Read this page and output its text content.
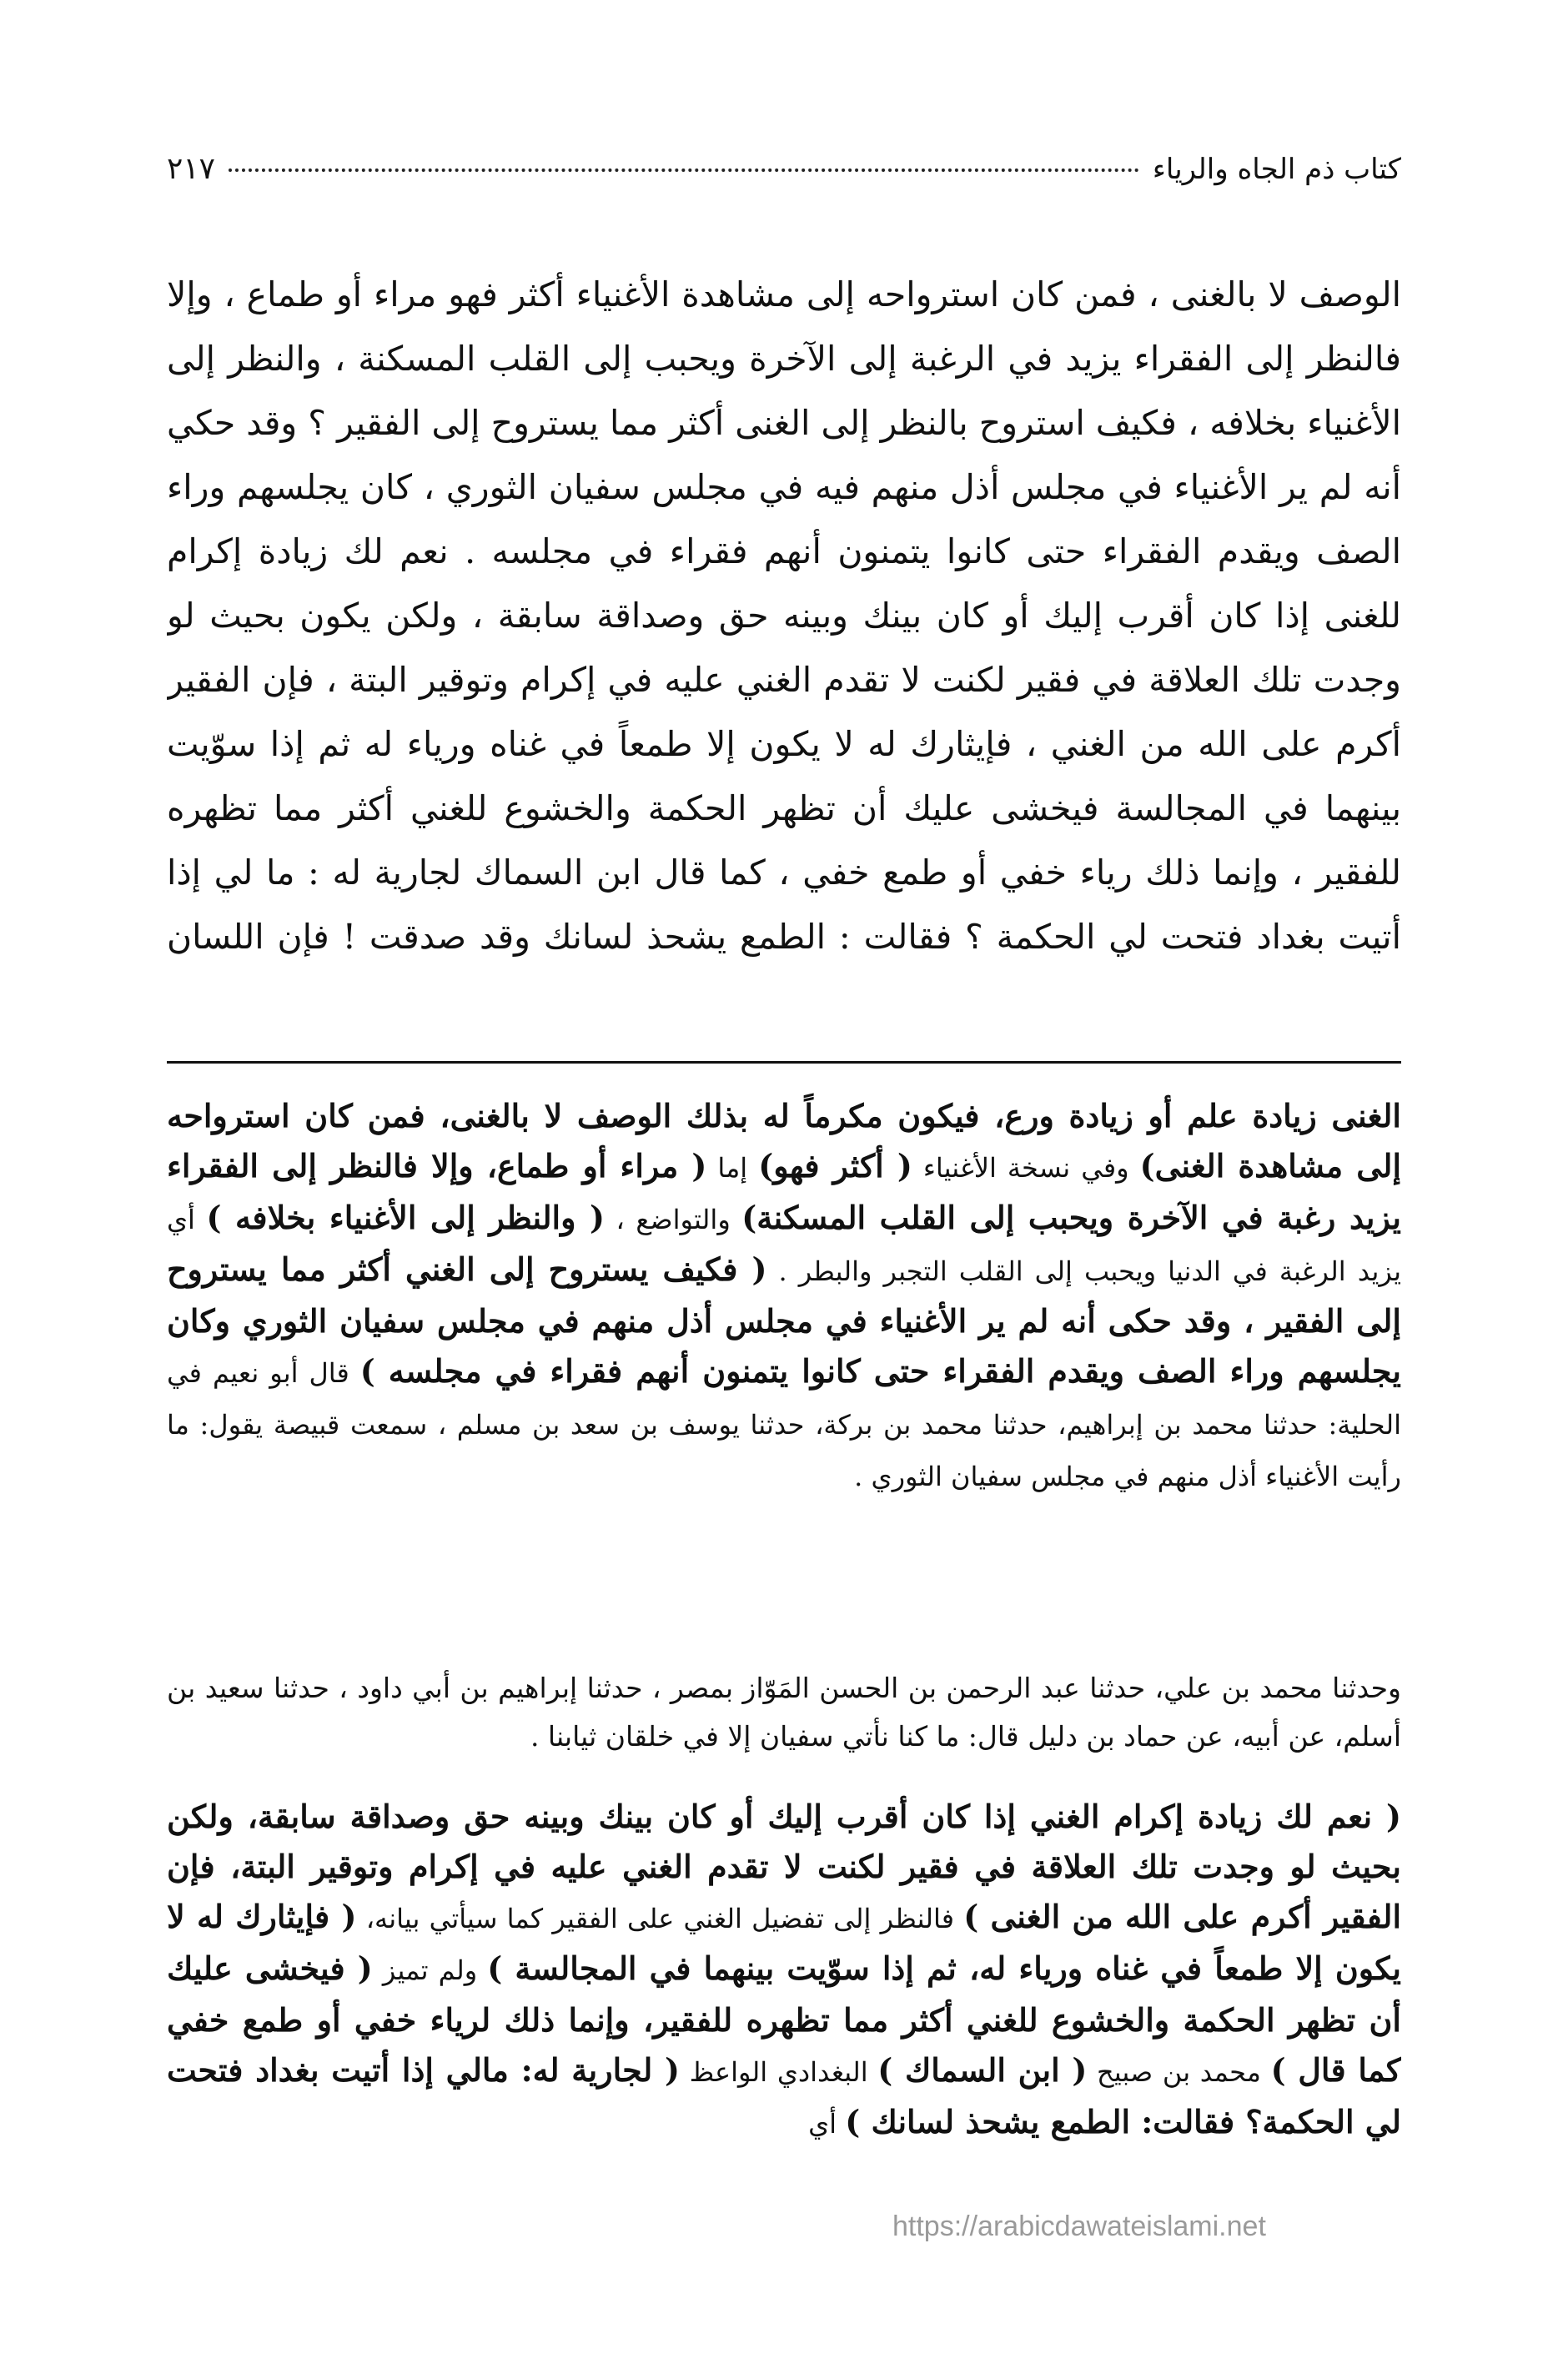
كتاب ذم الجاه والرياء
٢١٧

الوصف لا بالغنى ، فمن كان استرواحه إلى مشاهدة الأغنياء أكثر فهو مراء أو طماع ، وإلا فالنظر إلى الفقراء يزيد في الرغبة إلى الآخرة ويحبب إلى القلب المسكنة ، والنظر إلى الأغنياء بخلافه ، فكيف استروح بالنظر إلى الغنى أكثر مما يستروح إلى الفقير ؟ وقد حكي أنه لم ير الأغنياء في مجلس أذل منهم فيه في مجلس سفيان الثوري ، كان يجلسهم وراء الصف ويقدم الفقراء حتى كانوا يتمنون أنهم فقراء في مجلسه . نعم لك زيادة إكرام للغنى إذا كان أقرب إليك أو كان بينك وبينه حق وصداقة سابقة ، ولكن يكون بحيث لو وجدت تلك العلاقة في فقير لكنت لا تقدم الغني عليه في إكرام وتوقير البتة ، فإن الفقير أكرم على الله من الغني ، فإيثارك له لا يكون إلا طمعاً في غناه ورياء له ثم إذا سوّيت بينهما في المجالسة فيخشى عليك أن تظهر الحكمة والخشوع للغني أكثر مما تظهره للفقير ، وإنما ذلك رياء خفي أو طمع خفي ، كما قال ابن السماك لجارية له : ما لي إذا أتيت بغداد فتحت لي الحكمة ؟ فقالت : الطمع يشحذ لسانك وقد صدقت ! فإن اللسان

الغنى زيادة علم أو زيادة ورع، فيكون مكرماً له بذلك الوصف لا بالغنى، فمن كان استرواحه إلى مشاهدة الغنى) وفي نسخة الأغنياء ( أكثر فهو) إما ( مراء أو طماع، وإلا فالنظر إلى الفقراء يزيد رغبة في الآخرة ويحبب إلى القلب المسكنة) والتواضع ، ( والنظر إلى الأغنياء بخلافه ) أي يزيد الرغبة في الدنيا ويحبب إلى القلب التجبر والبطر . ( فكيف يستروح إلى الغني أكثر مما يستروح إلى الفقير ، وقد حكى أنه لم ير الأغنياء في مجلس أذل منهم في مجلس سفيان الثوري وكان يجلسهم وراء الصف ويقدم الفقراء حتى كانوا يتمنون أنهم فقراء في مجلسه ) قال أبو نعيم في الحلية: حدثنا محمد بن إبراهيم، حدثنا محمد بن بركة، حدثنا يوسف بن سعد بن مسلم ، سمعت قبيصة يقول: ما رأيت الأغنياء أذل منهم في مجلس سفيان الثوري .

وحدثنا محمد بن علي، حدثنا عبد الرحمن بن الحسن المَوّاز بمصر ، حدثنا إبراهيم بن أبي داود ، حدثنا سعيد بن أسلم، عن أبيه، عن حماد بن دليل قال: ما كنا نأتي سفيان إلا في خلقان ثيابنا .

( نعم لك زيادة إكرام الغني إذا كان أقرب إليك أو كان بينك وبينه حق وصداقة سابقة، ولكن بحيث لو وجدت تلك العلاقة في فقير لكنت لا تقدم الغني عليه في إكرام وتوقير البتة، فإن الفقير أكرم على الله من الغنى ) فالنظر إلى تفضيل الغني على الفقير كما سيأتي بيانه، ( فإيثارك له لا يكون إلا طمعاً في غناه ورياء له، ثم إذا سوّيت بينهما في المجالسة ) ولم تميز ( فيخشى عليك أن تظهر الحكمة والخشوع للغني أكثر مما تظهره للفقير، وإنما ذلك لرياء خفي أو طمع خفي كما قال ) محمد بن صبيح ( ابن السماك ) البغدادي الواعظ ( لجارية له: مالي إذا أتيت بغداد فتحت لي الحكمة؟ فقالت: الطمع يشحذ لسانك ) أي

https://arabicdawateislami.net
